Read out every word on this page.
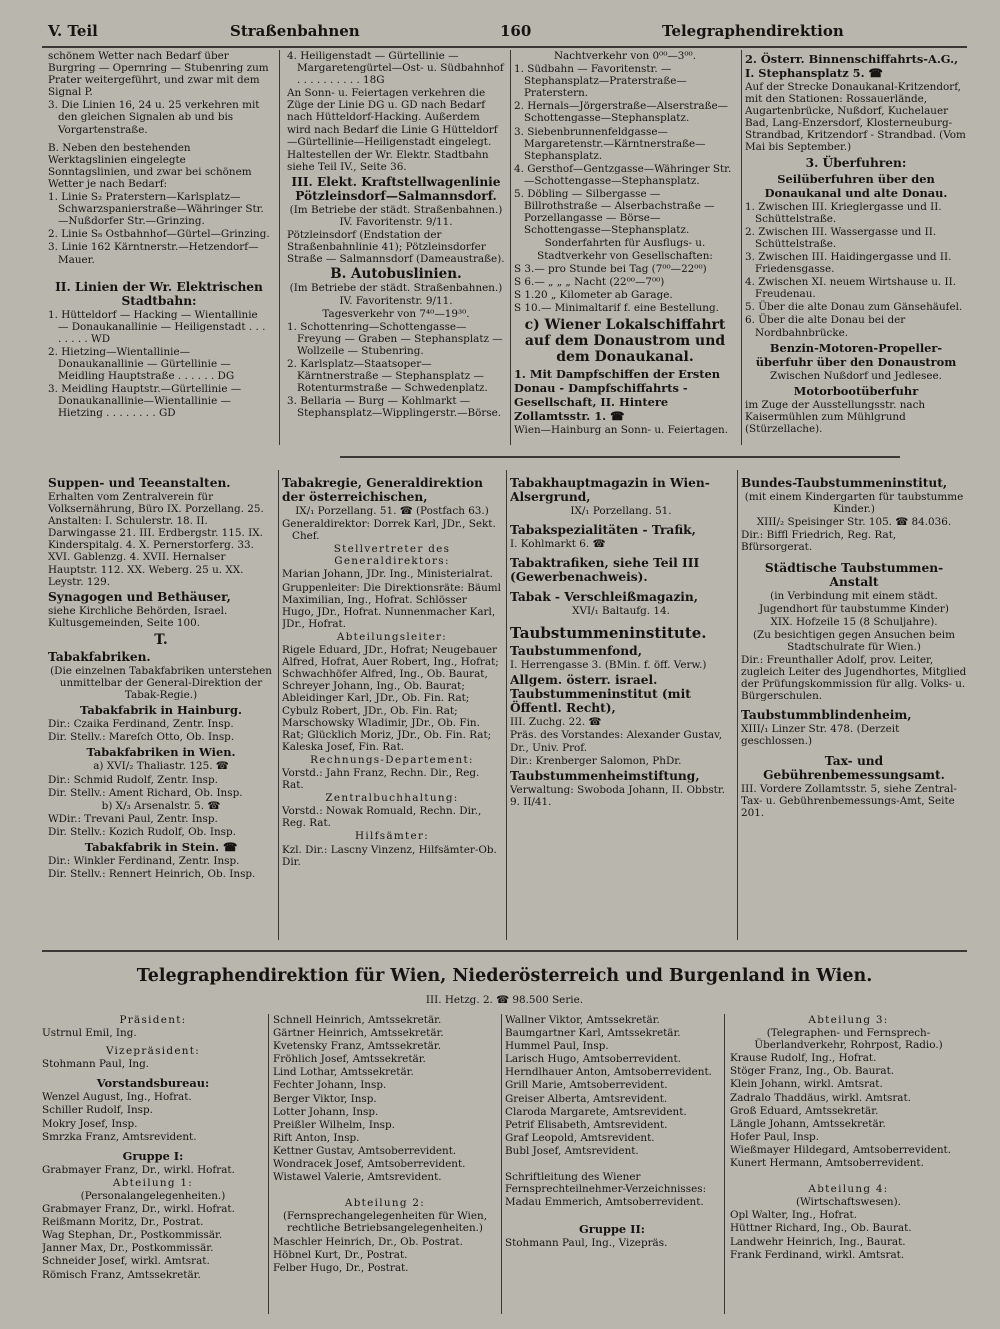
V. Teil	Straßenbahnen	160	Telegraphendirektion

schönem Wetter nach Bedarf über Burgring — Opernring — Stubenring zum Prater weitergeführt, und zwar mit dem Signal P.

3. Die Linien 16, 24 u. 25 verkehren mit den gleichen Signalen ab und bis Vorgartenstraße.

B. Neben den bestehenden Werktagslinien eingelegte Sonntagslinien, und zwar bei schönem Wetter je nach Bedarf:

1. Linie S₂ Praterstern—Karlsplatz—Schwarzspanierstraße—Währinger Str.—Nußdorfer Str.—Grinzing.

2. Linie S₈ Ostbahnhof—Gürtel—Grinzing.

3. Linie 162 Kärntnerstr.—Hetzendorf—Mauer.

II. Linien der Wr. Elektrischen Stadtbahn:

1. Hütteldorf — Hacking — Wientallinie — Donaukanallinie — Heiligenstadt . . . . . . . . WD

2. Hietzing—Wientallinie—Donaukanallinie — Gürtellinie — Meidling Hauptstraße . . . . . . DG

3. Meidling Hauptstr.—Gürtellinie — Donaukanallinie—Wientallinie — Hietzing . . . . . . . . GD

4. Heiligenstadt — Gürtellinie — Margaretengürtel—Ost- u. Südbahnhof . . . . . . . . . . 18G

An Sonn- u. Feiertagen verkehren die Züge der Linie DG u. GD nach Bedarf nach Hütteldorf-Hacking. Außerdem wird nach Bedarf die Linie G Hütteldorf—Gürtellinie—Heiligenstadt eingelegt.

Haltestellen der Wr. Elektr. Stadtbahn siehe Teil IV., Seite 36.

III. Elekt. Kraftstellwagenlinie Pötzleinsdorf—Salmannsdorf.

(Im Betriebe der städt. Straßenbahnen.) IV. Favoritenstr. 9/11.

Pötzleinsdorf (Endstation der Straßenbahnlinie 41); Pötzleinsdorfer Straße — Salmannsdorf (Dameaustraße).

B. Autobuslinien.

(Im Betriebe der städt. Straßenbahnen.) IV. Favoritenstr. 9/11.

Tagesverkehr von 7⁴⁰—19³⁰.

1. Schottenring—Schottengasse—Freyung — Graben — Stephansplatz — Wollzeile — Stubenring.

2. Karlsplatz—Staatsoper—Kärntnerstraße — Stephansplatz — Rotenturmstraße — Schwedenplatz.

3. Bellaria — Burg — Kohlmarkt — Stephansplatz—Wipplingerstr.—Börse.

Nachtverkehr von 0⁰⁰—3⁰⁰.

1. Südbahn — Favoritenstr. — Stephansplatz—Praterstraße—Praterstern.

2. Hernals—Jörgerstraße—Alserstraße—Schottengasse—Stephansplatz.

3. Siebenbrunnenfeldgasse—Margaretenstr.—Kärntnerstraße—Stephansplatz.

4. Gersthof—Gentzgasse—Währinger Str.—Schottengasse—Stephansplatz.

5. Döbling — Silbergasse — Billrothstraße — Alserbachstraße — Porzellangasse — Börse—Schottengasse—Stephansplatz.

Sonderfahrten für Ausflugs- u. Stadtverkehr von Gesellschaften:

S 3.— pro Stunde bei Tag (7⁰⁰—22⁰⁰)

S 6.— „ „ „ Nacht (22⁰⁰—7⁰⁰)

S 1.20 „ Kilometer ab Garage.

S 10.— Minimaltarif f. eine Bestellung.

c) Wiener Lokalschiffahrt auf dem Donaustrom und dem Donaukanal.

1. Mit Dampfschiffen der Ersten Donau - Dampfschiffahrts - Gesellschaft, II. Hintere Zollamtsstr. 1. ☎

Wien—Hainburg an Sonn- u. Feiertagen.

2. Österr. Binnenschiffahrts-A.G., I. Stephansplatz 5. ☎

Auf der Strecke Donaukanal-Kritzendorf, mit den Stationen: Rossauerlände, Augartenbrücke, Nußdorf, Kuchelauer Bad, Lang-Enzersdorf, Klosterneuburg-Strandbad, Kritzendorf - Strandbad. (Vom Mai bis September.)

3. Überfuhren:

Seilüberfuhren über den Donaukanal und alte Donau.

1. Zwischen III. Krieglergasse und II. Schüttelstraße.

2. Zwischen III. Wassergasse und II. Schüttelstraße.

3. Zwischen III. Haidingergasse und II. Friedensgasse.

4. Zwischen XI. neuem Wirtshause u. II. Freudenau.

5. Über die alte Donau zum Gänsehäufel.

6. Über die alte Donau bei der Nordbahnbrücke.

Benzin-Motoren-Propeller-überfuhr über den Donaustrom

Zwischen Nußdorf und Jedlesee.

Motorbootüberfuhr

im Zuge der Ausstellungsstr. nach Kaisermühlen zum Mühlgrund (Stürzellache).

Suppen- und Teeanstalten.

Erhalten vom Zentralverein für Volksernährung, Büro IX. Porzellang. 25. Anstalten: I. Schulerstr. 18. II. Darwingasse 21. III. Erdbergstr. 115. IX. Kinderspitalg. 4. X. Pernerstorferg. 33. XVI. Gablenzg. 4. XVII. Hernalser Hauptstr. 112. XX. Weberg. 25 u. XX. Leystr. 129.

Synagogen und Bethäuser,

siehe Kirchliche Behörden, Israel. Kultusgemeinden, Seite 100.

T.

Tabakfabriken.

(Die einzelnen Tabakfabriken unterstehen unmittelbar der General-Direktion der Tabak-Regie.)

Tabakfabrik in Hainburg.

Dir.: Czaika Ferdinand, Zentr. Insp.

Dir. Stellv.: Mareſch Otto, Ob. Insp.

Tabakfabriken in Wien.

a) XVI/₂ Thaliastr. 125. ☎

Dir.: Schmid Rudolf, Zentr. Insp.

Dir. Stellv.: Ament Richard, Ob. Insp.

b) X/₃ Arsenalstr. 5. ☎

WDir.: Trevani Paul, Zentr. Insp.

Dir. Stellv.: Kozich Rudolf, Ob. Insp.

Tabakfabrik in Stein. ☎

Dir.: Winkler Ferdinand, Zentr. Insp.

Dir. Stellv.: Rennert Heinrich, Ob. Insp.

Tabakregie, Generaldirektion der österreichischen,

IX/₁ Porzellang. 51. ☎ (Postfach 63.)

Generaldirektor: Dorrek Karl, JDr., Sekt. Chef.

Stellvertreter des Generaldirektors:

Marian Johann, JDr. Ing., Ministerialrat.

Gruppenleiter: Die Direktionsräte: Bäuml Maximilian, Ing., Hofrat. Schlösser Hugo, JDr., Hofrat. Nunnenmacher Karl, JDr., Hofrat.

Abteilungsleiter:

Rigele Eduard, JDr., Hofrat; Neugebauer Alfred, Hofrat, Auer Robert, Ing., Hofrat; Schwachhöfer Alfred, Ing., Ob. Baurat, Schreyer Johann, Ing., Ob. Baurat; Ableidinger Karl, JDr., Ob. Fin. Rat; Cybulz Robert, JDr., Ob. Fin. Rat; Marschowsky Wladimir, JDr., Ob. Fin. Rat; Glücklich Moriz, JDr., Ob. Fin. Rat; Kaleska Josef, Fin. Rat.

Rechnungs-Departement:

Vorstd.: Jahn Franz, Rechn. Dir., Reg. Rat.

Zentralbuchhaltung:

Vorstd.: Nowak Romuald, Rechn. Dir., Reg. Rat.

Hilfsämter:

Kzl. Dir.: Lascny Vinzenz, Hilfsämter-Ob. Dir.

Tabakhauptmagazin in Wien-Alsergrund,

IX/₁ Porzellang. 51.

Tabakspezialitäten - Trafik,

I. Kohlmarkt 6. ☎

Tabaktrafiken, siehe Teil III (Gewerbenachweis).

Tabak - Verschleißmagazin,

XVI/₁ Baltaufg. 14.

Taubstummeninstitute.

Taubstummenfond,

I. Herrengasse 3. (BMin. f. öff. Verw.)

Allgem. österr. israel. Taubstummeninstitut (mit Öffentl. Recht),

III. Zuchg. 22. ☎

Präs. des Vorstandes: Alexander Gustav, Dr., Univ. Prof.

Dir.: Krenberger Salomon, PhDr.

Taubstummenheimstiftung,

Verwaltung: Swoboda Johann, II. Obbstr. 9. II/41.

Bundes-Taubstummeninstitut,

(mit einem Kindergarten für taubstumme Kinder.)

XIII/₂ Speisinger Str. 105. ☎ 84.036.

Dir.: Biffl Friedrich, Reg. Rat, Bfürsorgerat.

Städtische Taubstummen-Anstalt

(in Verbindung mit einem städt. Jugendhort für taubstumme Kinder)

XIX. Hofzeile 15 (8 Schuljahre).

(Zu besichtigen gegen Ansuchen beim Stadtschulrate für Wien.)

Dir.: Freunthaller Adolf, prov. Leiter, zugleich Leiter des Jugendhortes, Mitglied der Prüfungskommission für allg. Volks- u. Bürgerschulen.

Taubstummblindenheim,

XIII/₁ Linzer Str. 478. (Derzeit geschlossen.)

Tax- und Gebührenbemessungsamt.

III. Vordere Zollamtsstr. 5, siehe Zentral-Tax- u. Gebührenbemessungs-Amt, Seite 201.

Telegraphendirektion für Wien, Niederösterreich und Burgenland in Wien.
III. Hetzg. 2. ☎ 98.500 Serie.

Präsident:

Ustrnul Emil, Ing.

Vizepräsident:

Stohmann Paul, Ing.

Vorstandsbureau:

Wenzel August, Ing., Hofrat.

Schiller Rudolf, Insp.

Mokry Josef, Insp.

Smrzka Franz, Amtsrevident.

Gruppe I:

Grabmayer Franz, Dr., wirkl. Hofrat.

Abteilung 1:

(Personalangelegenheiten.)

Grabmayer Franz, Dr., wirkl. Hofrat.

Reißmann Moritz, Dr., Postrat.

Wag Stephan, Dr., Postkommissär.

Janner Max, Dr., Postkommissär.

Schneider Josef, wirkl. Amtsrat.

Römisch Franz, Amtssekretär.

Schnell Heinrich, Amtssekretär.

Gärtner Heinrich, Amtssekretär.

Kvetensky Franz, Amtssekretär.

Fröhlich Josef, Amtssekretär.

Lind Lothar, Amtssekretär.

Fechter Johann, Insp.

Berger Viktor, Insp.

Lotter Johann, Insp.

Preißler Wilhelm, Insp.

Rift Anton, Insp.

Kettner Gustav, Amtsoberrevident.

Wondracek Josef, Amtsoberrevident.

Wistawel Valerie, Amtsrevident.

Abteilung 2:

(Fernsprechangelegenheiten für Wien, rechtliche Betriebsangelegenheiten.)

Maschler Heinrich, Dr., Ob. Postrat.

Höbnel Kurt, Dr., Postrat.

Felber Hugo, Dr., Postrat.

Wallner Viktor, Amtssekretär.

Baumgartner Karl, Amtssekretär.

Hummel Paul, Insp.

Larisch Hugo, Amtsoberrevident.

Herndlhauer Anton, Amtsoberrevident.

Grill Marie, Amtsoberrevident.

Greiser Alberta, Amtsrevident.

Claroda Margarete, Amtsrevident.

Petrif Elisabeth, Amtsrevident.

Graf Leopold, Amtsrevident.

Bubl Josef, Amtsrevident.

Schriftleitung des Wiener Fernsprechteilnehmer-Verzeichnisses:

Madau Emmerich, Amtsoberrevident.

Gruppe II:

Stohmann Paul, Ing., Vizepräs.

Abteilung 3:

(Telegraphen- und Fernsprech-Überlandverkehr, Rohrpost, Radio.)

Krause Rudolf, Ing., Hofrat.

Stöger Franz, Ing., Ob. Baurat.

Klein Johann, wirkl. Amtsrat.

Zadralo Thaddäus, wirkl. Amtsrat.

Groß Eduard, Amtssekretär.

Längle Johann, Amtssekretär.

Hofer Paul, Insp.

Wießmayer Hildegard, Amtsoberrevident.

Kunert Hermann, Amtsoberrevident.

Abteilung 4:

(Wirtschaftswesen).

Opl Walter, Ing., Hofrat.

Hüttner Richard, Ing., Ob. Baurat.

Landwehr Heinrich, Ing., Baurat.

Frank Ferdinand, wirkl. Amtsrat.
